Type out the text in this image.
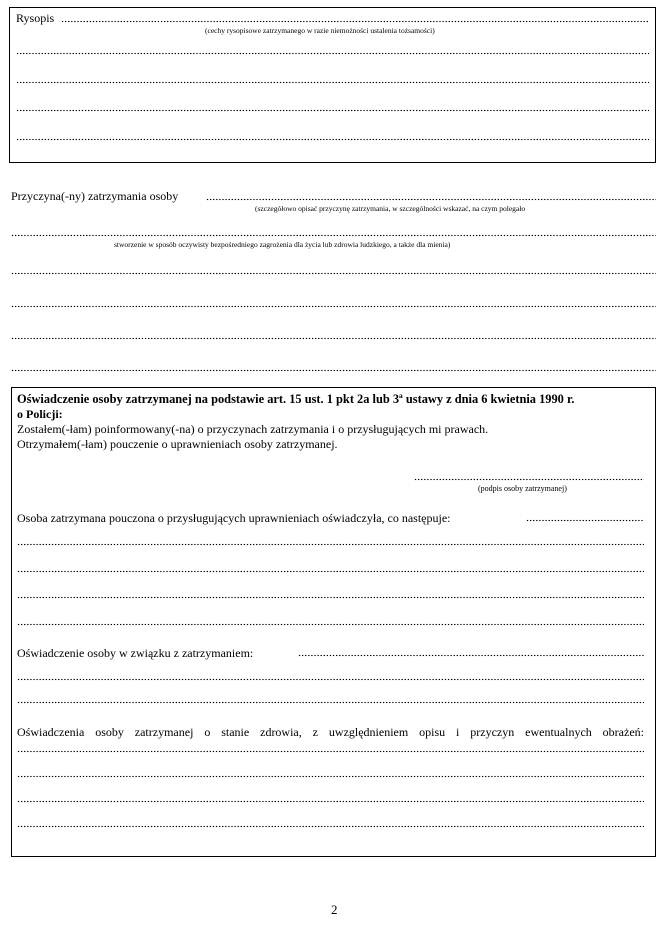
Rysopis
(cechy rysopisowe zatrzymanego w razie niemożności ustalenia tożsamości)
Przyczyna(-ny) zatrzymania osoby
(szczegółowo opisać przyczynę zatrzymania, w szczególności wskazać, na czym polegało
stworzenie w sposób oczywisty bezpośredniego zagrożenia dla życia lub zdrowia ludzkiego, a także dla mienia)
Oświadczenie osoby zatrzymanej na podstawie art. 15 ust. 1 pkt 2a lub 3ª ustawy z dnia 6 kwietnia 1990 r.
o Policji:
Zostałem(-łam) poinformowany(-na) o przyczynach zatrzymania i o przysługujących mi prawach.
Otrzymałem(-łam) pouczenie o uprawnieniach osoby zatrzymanej.
(podpis osoby zatrzymanej)
Osoba zatrzymana pouczona o przysługujących uprawnieniach oświadczyła, co następuje:
Oświadczenie osoby w związku z zatrzymaniem:
Oświadczenia osoby zatrzymanej o stanie zdrowia, z uwzględnieniem opisu i przyczyn ewentualnych obrażeń:
2
